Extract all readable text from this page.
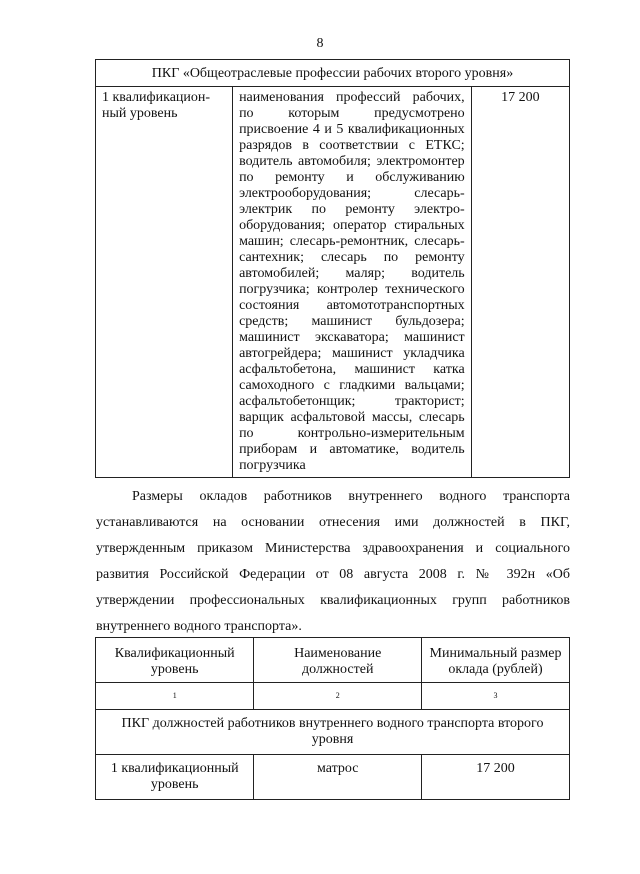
8
ПКГ «Общеотраслевые профессии рабочих второго уровня»
1 квалификацион-ный уровень	наименования профессий рабочих, по которым предусмотрено присвоение 4 и 5 квалификационных разрядов в соответствии с ЕТКС; водитель автомобиля; электромонтер по ремонту и обслуживанию электрооборудования; слесарь-электрик по ремонту электро-оборудования; оператор стиральных машин; слесарь-ремонтник, слесарь-сантехник; слесарь по ремонту автомобилей; маляр; водитель погрузчика; контролер технического состояния автомототранспортных средств; машинист бульдозера; машинист экскаватора; машинист автогрейдера; машинист укладчика асфальтобетона, машинист катка самоходного с гладкими вальцами; асфальтобетонщик; тракторист; варщик асфальтовой массы, слесарь по контрольно-измерительным приборам и автоматике, водитель погрузчика	17 200

Размеры окладов работников внутреннего водного транспорта устанавливаются на основании отнесения ими должностей в ПКГ, утвержденным приказом Министерства здравоохранения и социального развития Российской Федерации от 08 августа 2008 г. № 392н «Об утверждении профессиональных квалификационных групп работников внутреннего водного транспорта».

Квалификационный уровень	Наименование должностей	Минимальный размер оклада (рублей)
1	2	3
ПКГ должностей работников внутреннего водного транспорта второго уровня		
1 квалификационный уровень	матрос	17 200
